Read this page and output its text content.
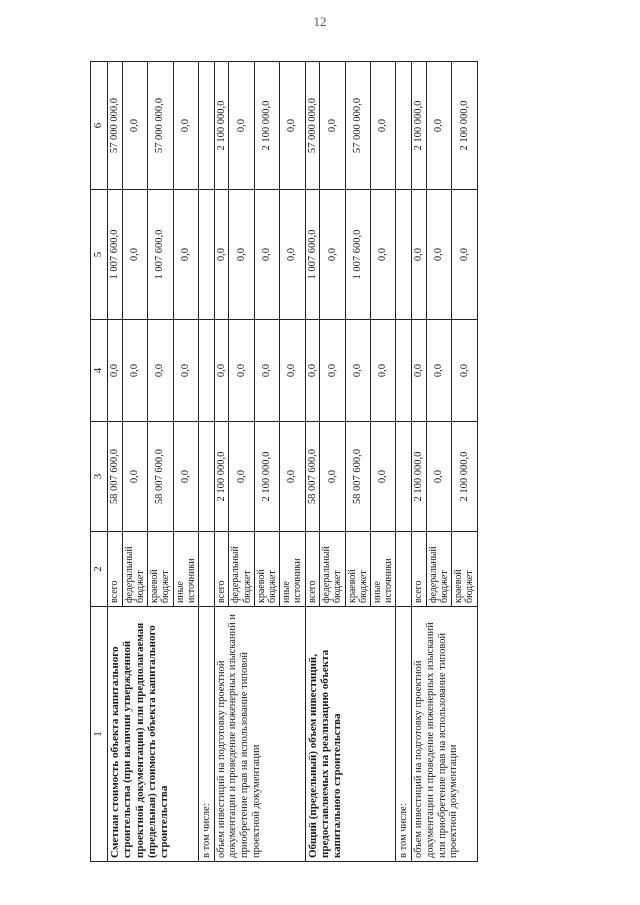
12
1	2	3	4	5	6
Сметная стоимость объекта капитального строительства (при наличии утвержденной проектной документации) или предполагаемая (предельная) стоимость объекта капитального строительства	всего	58 007 600,0	0,0	1 007 600,0	57 000 000,0
	федеральный бюджет	0,0	0,0	0,0	0,0
	краевой бюджет	58 007 600,0	0,0	1 007 600,0	57 000 000,0
	иные источники	0,0	0,0	0,0	0,0
в том числе:					
объем инвестиций на подготовку проектной документации и проведение инженерных изысканий и приобретение прав на использование типовой проектной документации	всего	2 100 000,0	0,0	0,0	2 100 000,0
	федеральный бюджет	0,0	0,0	0,0	0,0
	краевой бюджет	2 100 000,0	0,0	0,0	2 100 000,0
	иные источники	0,0	0,0	0,0	0,0
Общий (предельный) объем инвестиций, предоставляемых на реализацию объекта капитального строительства	всего	58 007 600,0	0,0	1 007 600,0	57 000 000,0
	федеральный бюджет	0,0	0,0	0,0	0,0
	краевой бюджет	58 007 600,0	0,0	1 007 600,0	57 000 000,0
	иные источники	0,0	0,0	0,0	0,0
в том числе:					
объем инвестиций на подготовку проектной документации и проведение инженерных изысканий или приобретение прав на использование типовой проектной документации	всего	2 100 000,0	0,0	0,0	2 100 000,0
	федеральный бюджет	0,0	0,0	0,0	0,0
	краевой бюджет	2 100 000,0	0,0	0,0	2 100 000,0
